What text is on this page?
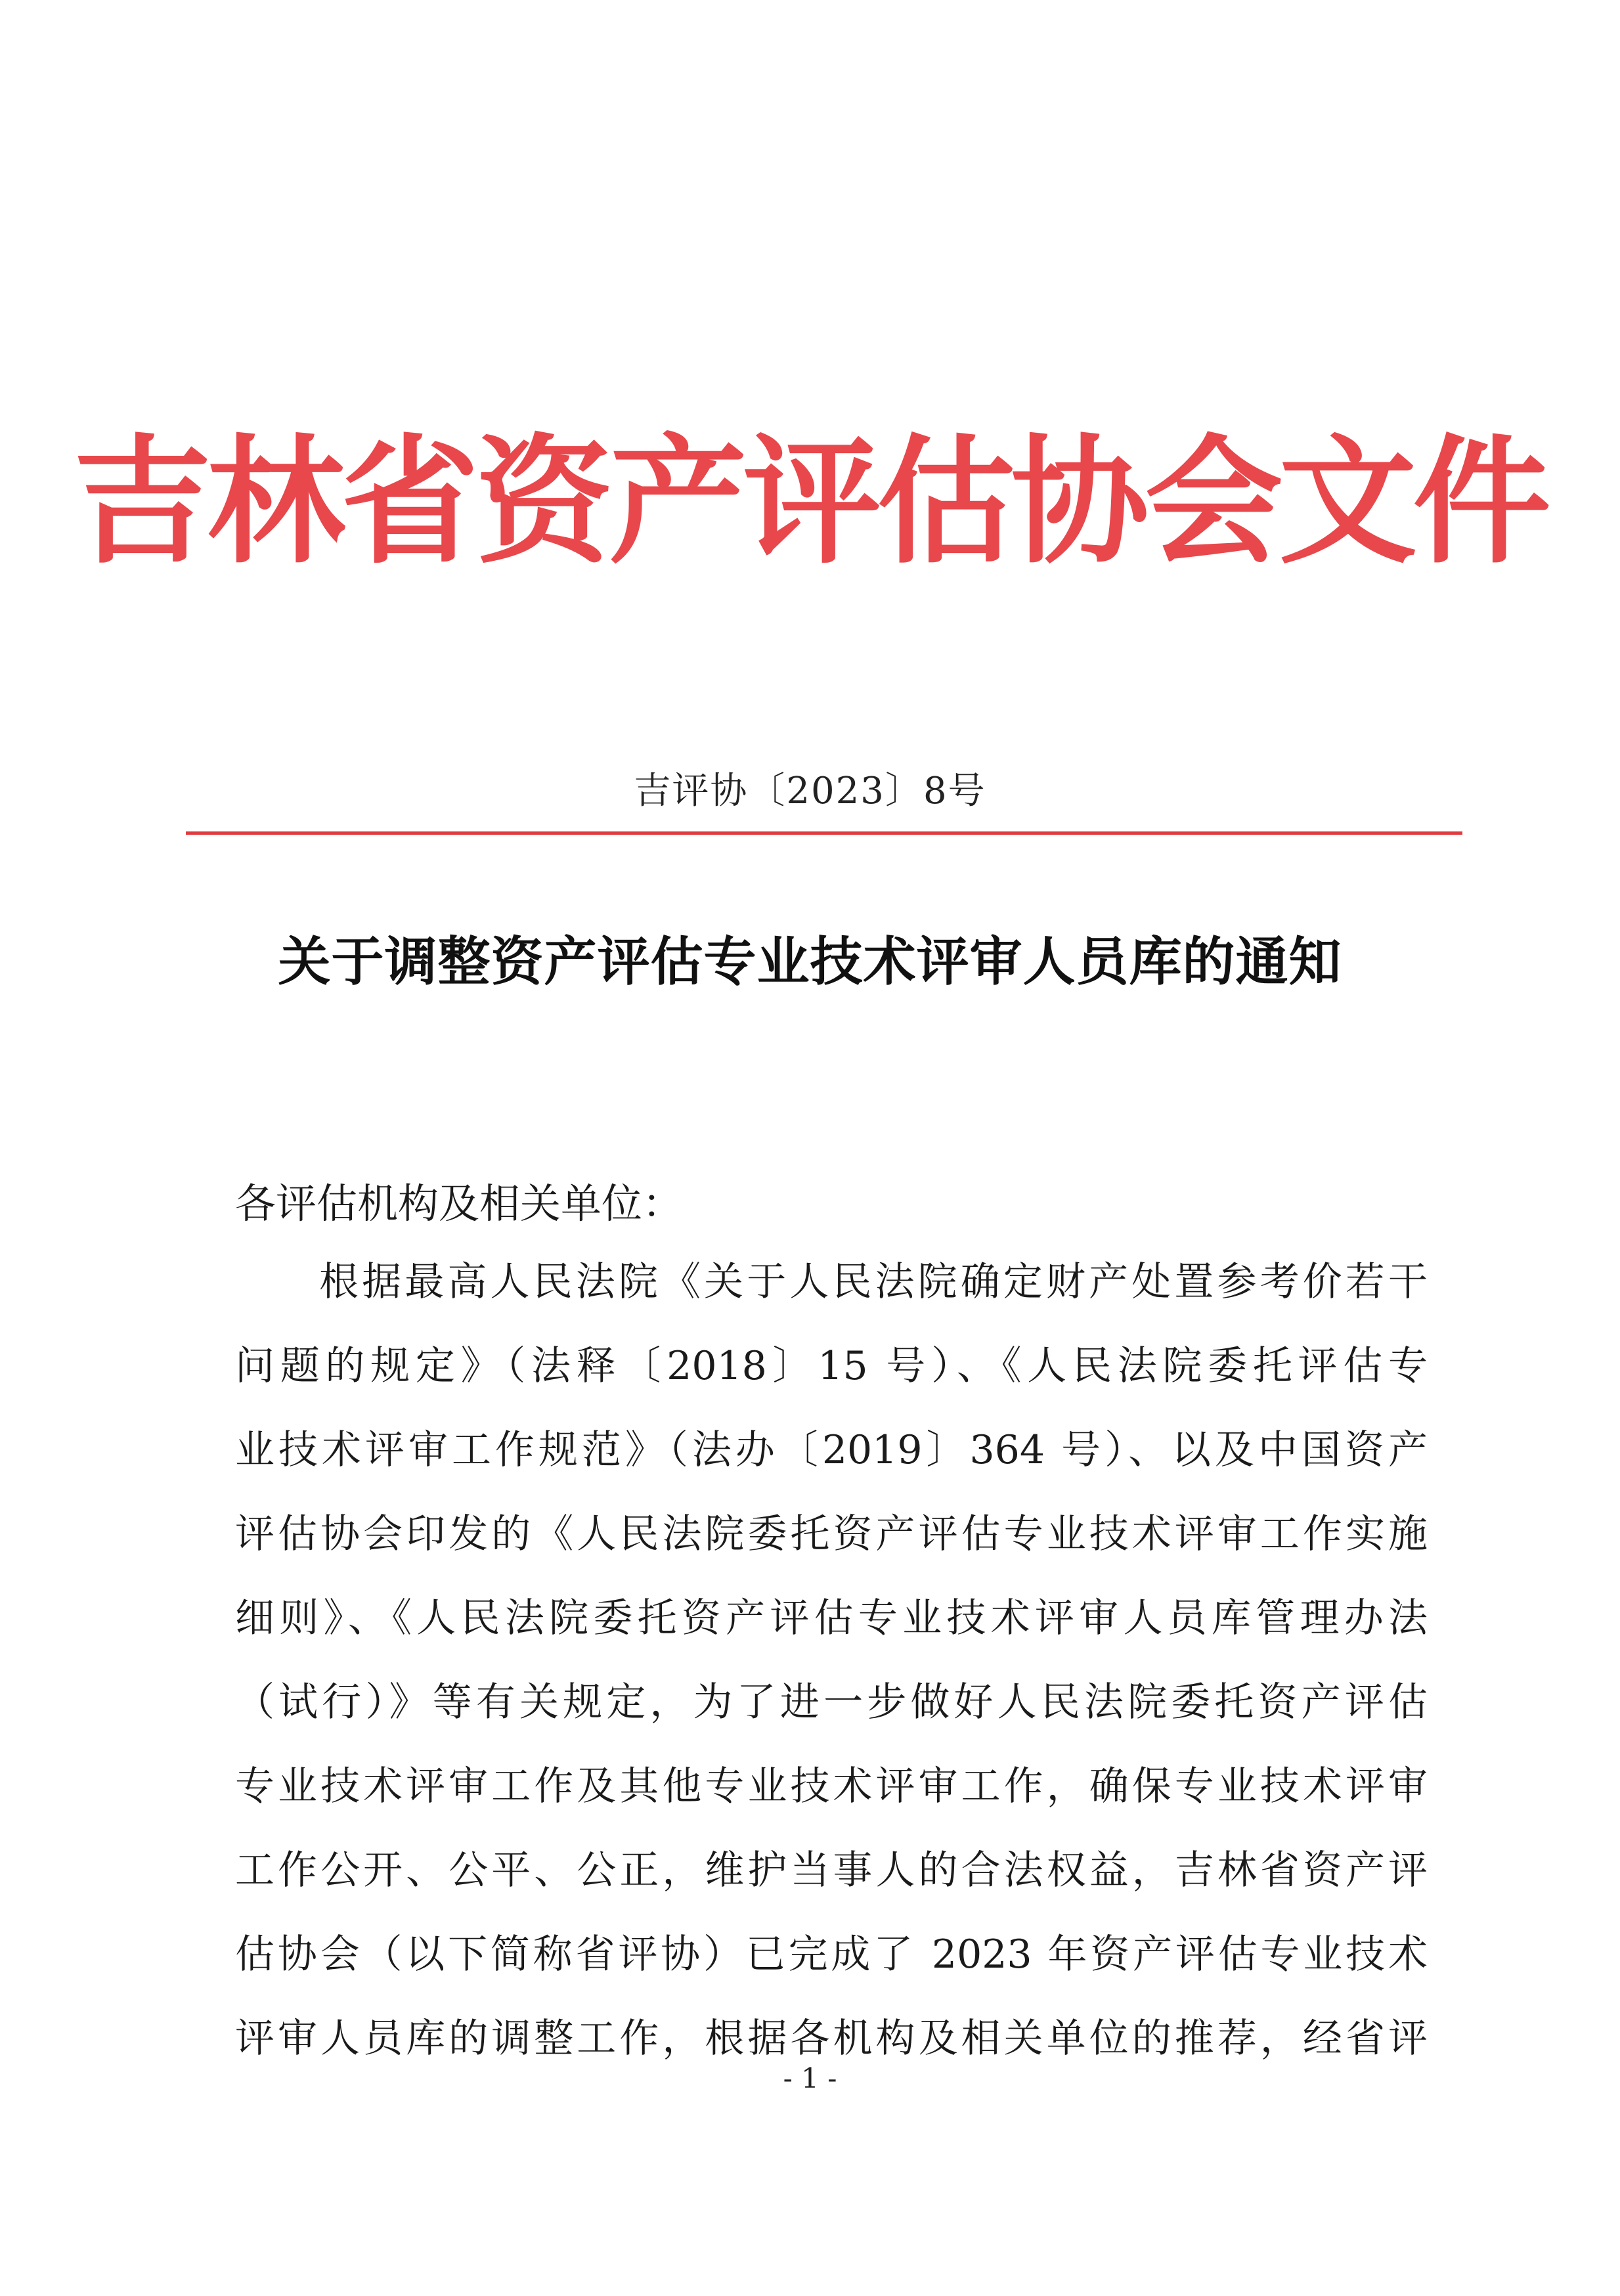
吉林省资产评估协会文件
吉评协〔2023〕8号
关于调整资产评估专业技术评审人员库的通知
各评估机构及相关单位：
根据最高人民法院《关于人民法院确定财产处置参考价若干
问题的规定》（法释〔2018〕15 号）、《人民法院委托评估专
业技术评审工作规范》（法办〔2019〕364 号）、以及中国资产
评估协会印发的《人民法院委托资产评估专业技术评审工作实施
细则》、《人民法院委托资产评估专业技术评审人员库管理办法
（试行）》等有关规定，为了进一步做好人民法院委托资产评估
专业技术评审工作及其他专业技术评审工作，确保专业技术评审
工作公开、公平、公正，维护当事人的合法权益，吉林省资产评
估协会（以下简称省评协）已完成了 2023 年资产评估专业技术
评审人员库的调整工作，根据各机构及相关单位的推荐，经省评
- 1 -
